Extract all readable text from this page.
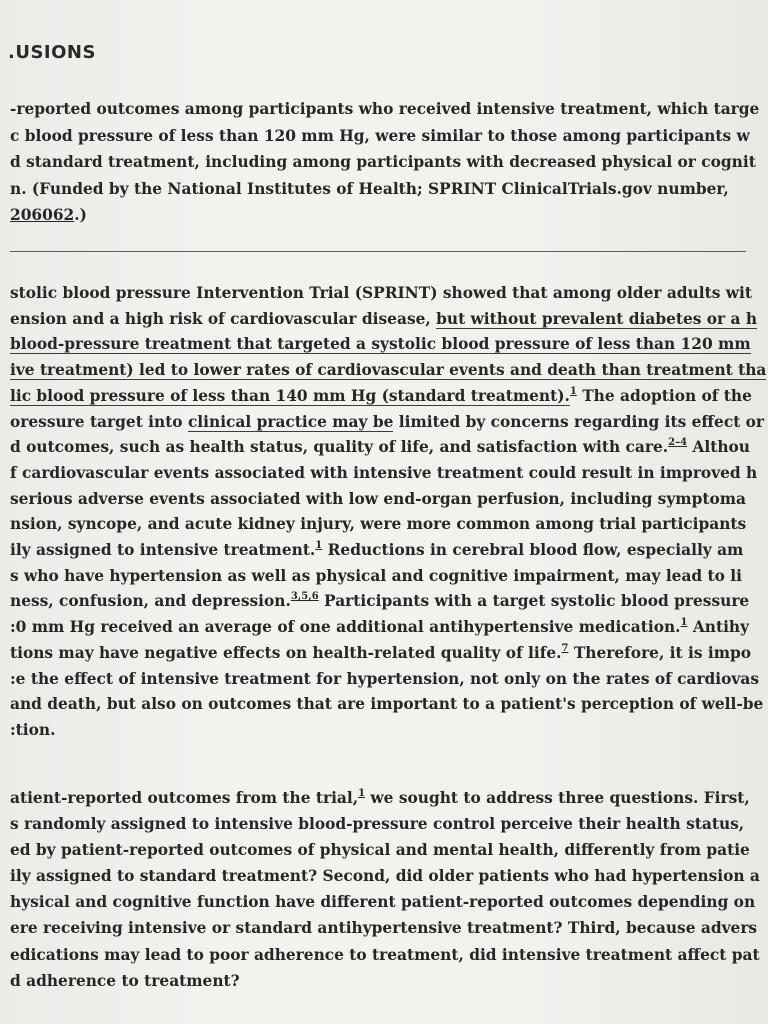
.USIONS
-reported outcomes among participants who received intensive treatment, which targe
c blood pressure of less than 120 mm Hg, were similar to those among participants w
d standard treatment, including among participants with decreased physical or cognit
n. (Funded by the National Institutes of Health; SPRINT ClinicalTrials.gov number,
206062.)
stolic blood pressure Intervention Trial (SPRINT) showed that among older adults wit
ension and a high risk of cardiovascular disease, but without prevalent diabetes or a h
blood-pressure treatment that targeted a systolic blood pressure of less than 120 mm
ive treatment) led to lower rates of cardiovascular events and death than treatment tha
lic blood pressure of less than 140 mm Hg (standard treatment).$^1$ The adoption of the
oressure target into clinical practice may be limited by concerns regarding its effect or
d outcomes, such as health status, quality of life, and satisfaction with care.$^{2-4}$ Althou
f cardiovascular events associated with intensive treatment could result in improved h
serious adverse events associated with low end-organ perfusion, including symptoma
nsion, syncope, and acute kidney injury, were more common among trial participants
ily assigned to intensive treatment.$^1$ Reductions in cerebral blood flow, especially am
s who have hypertension as well as physical and cognitive impairment, may lead to li
ness, confusion, and depression.$^{3,5,6}$ Participants with a target systolic blood pressure
:0 mm Hg received an average of one additional antihypertensive medication.$^1$ Antihy
tions may have negative effects on health-related quality of life.$^7$ Therefore, it is impo
:e the effect of intensive treatment for hypertension, not only on the rates of cardiovas
and death, but also on outcomes that are important to a patient's perception of well-be
:tion.
atient-reported outcomes from the trial,$^1$ we sought to address three questions. First,
s randomly assigned to intensive blood-pressure control perceive their health status,
ed by patient-reported outcomes of physical and mental health, differently from patie
ily assigned to standard treatment? Second, did older patients who had hypertension a
hysical and cognitive function have different patient-reported outcomes depending on
ere receiving intensive or standard antihypertensive treatment? Third, because advers
edications may lead to poor adherence to treatment, did intensive treatment affect pat
d adherence to treatment?
